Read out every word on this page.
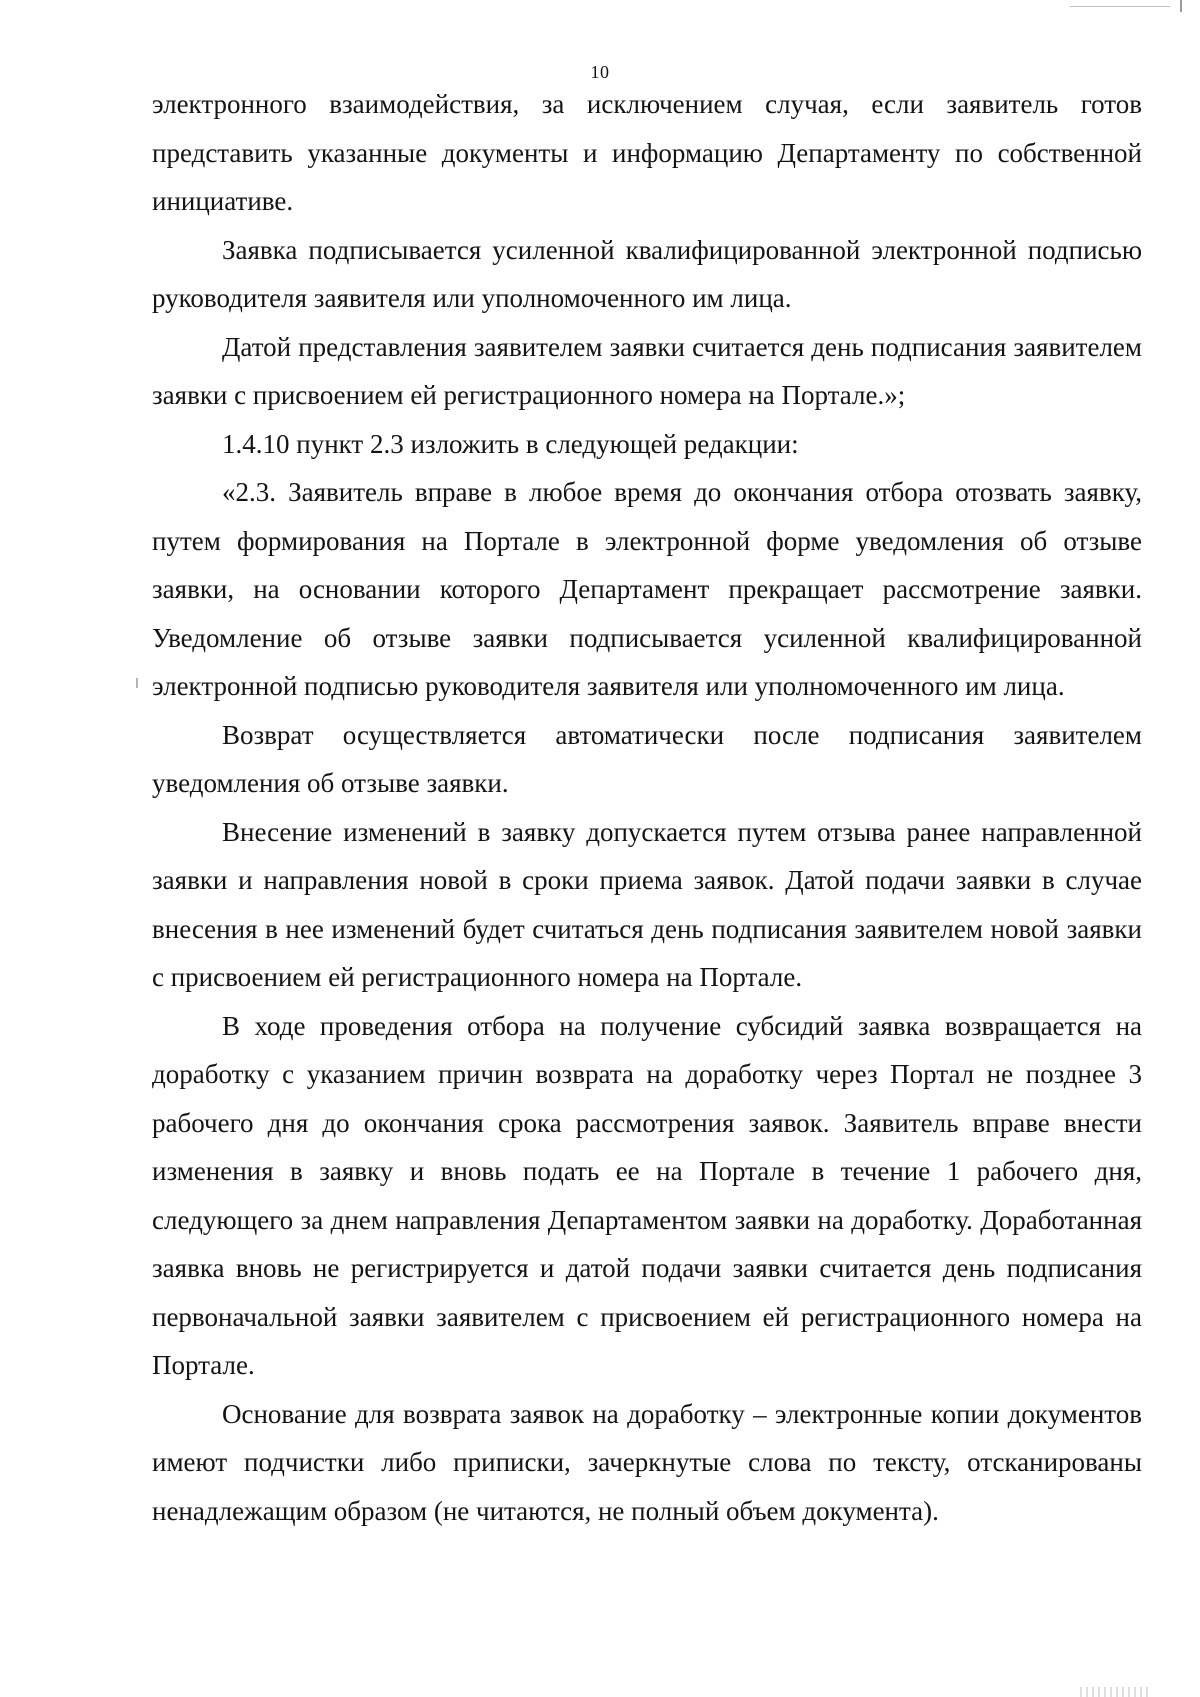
10

электронного взаимодействия, за исключением случая, если заявитель готов представить указанные документы и информацию Департаменту по собственной инициативе.

Заявка подписывается усиленной квалифицированной электронной подписью руководителя заявителя или уполномоченного им лица.

Датой представления заявителем заявки считается день подписания заявителем заявки с присвоением ей регистрационного номера на Портале.»;

1.4.10 пункт 2.3 изложить в следующей редакции:

«2.3. Заявитель вправе в любое время до окончания отбора отозвать заявку, путем формирования на Портале в электронной форме уведомления об отзыве заявки, на основании которого Департамент прекращает рассмотрение заявки. Уведомление об отзыве заявки подписывается усиленной квалифицированной электронной подписью руководителя заявителя или уполномоченного им лица.

Возврат осуществляется автоматически после подписания заявителем уведомления об отзыве заявки.

Внесение изменений в заявку допускается путем отзыва ранее направленной заявки и направления новой в сроки приема заявок. Датой подачи заявки в случае внесения в нее изменений будет считаться день подписания заявителем новой заявки с присвоением ей регистрационного номера на Портале.

В ходе проведения отбора на получение субсидий заявка возвращается на доработку с указанием причин возврата на доработку через Портал не позднее 3 рабочего дня до окончания срока рассмотрения заявок. Заявитель вправе внести изменения в заявку и вновь подать ее на Портале в течение 1 рабочего дня, следующего за днем направления Департаментом заявки на доработку. Доработанная заявка вновь не регистрируется и датой подачи заявки считается день подписания первоначальной заявки заявителем с присвоением ей регистрационного номера на Портале.

Основание для возврата заявок на доработку – электронные копии документов имеют подчистки либо приписки, зачеркнутые слова по тексту, отсканированы ненадлежащим образом (не читаются, не полный объем документа).
